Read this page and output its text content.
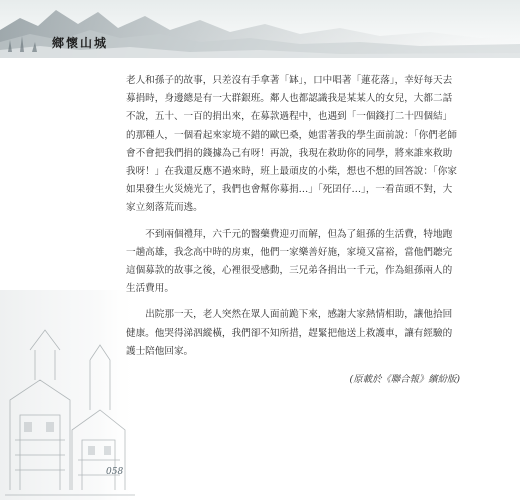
鄉懷山城

老人和孫子的故事，只差沒有手拿著「缽」，口中唱著「蓮花落」，幸好每天去募捐時，身邊總是有一大群銀班。鄰人也都認識我是某某人的女兒，大都二話不說，五十、一百的捐出來，在募款過程中，也遇到「一個錢打二十四個結」的那種人，一個看起來家境不錯的歐巴桑，她雷著我的學生面前說：「你們老師會不會把我們捐的錢據為己有呀！再說，我現在救助你的同學，將來誰來救助我呀！」在我還反應不過來時，班上最頑皮的小柴，想也不想的回答說：「你家如果發生火災燒光了，我們也會幫你募捐…」「死囝仔…」，一看苗頭不對，大家立刻落荒而逃。

不到兩個禮拜，六千元的醫藥費迎刃而解，但為了組孫的生活費，特地跑一趟高雄，我念高中時的房東，他們一家樂善好施，家境又富裕，當他們聽完這個募款的故事之後，心裡很受感動，三兄弟各捐出一千元，作為組孫兩人的生活費用。

出院那一天，老人突然在眾人面前跪下來，感謝大家熱情相助，讓他拾回健康。他哭得涕泗縱橫，我們卻不知所措，趕緊把他送上救護車，讓有經驗的護士陪他回家。

(原載於《聯合報》繽紛版)
058
